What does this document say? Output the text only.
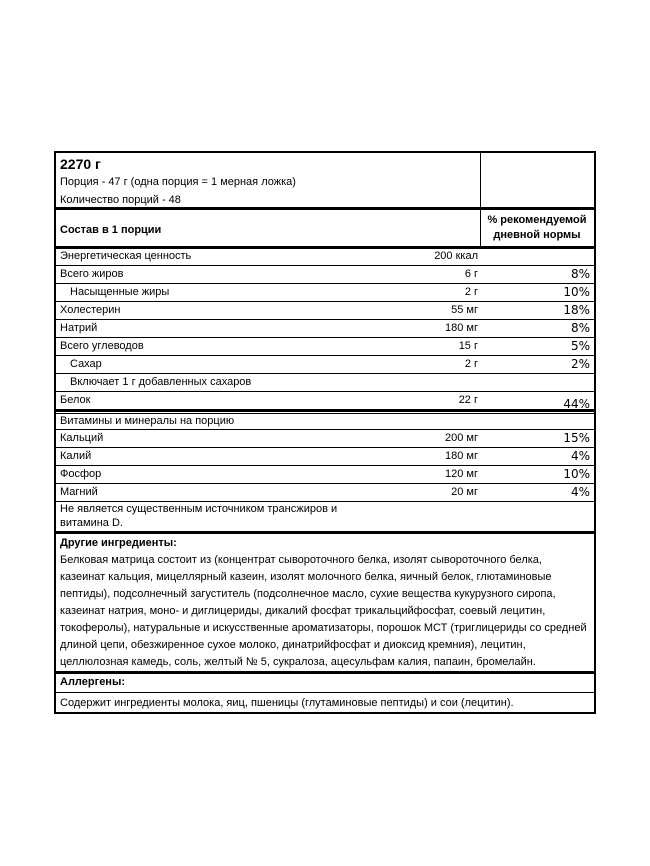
2270 г
Порция - 47 г (одна порция = 1 мерная ложка)
Количество порций - 48
Состав в 1 порции
% рекомендуемой
дневной нормы
Энергетическая ценность	200 ккал
Всего жиров	6 г	8%
Насыщенные жиры	2 г	10%
Холестерин	55 мг	18%
Натрий	180 мг	8%
Всего углеводов	15 г	5%
Сахар	2 г	2%
Включает 1 г добавленных сахаров
Белок	22 г	44%
Витамины и минералы на порцию
Кальций	200 мг	15%
Калий	180 мг	4%
Фосфор	120 мг	10%
Магний	20 мг	4%
Не является существенным источником трансжиров и
витамина D.
Другие ингредиенты:
Белковая матрица состоит из (концентрат сывороточного белка, изолят сывороточного белка, казеинат кальция, мицеллярный казеин, изолят молочного белка, яичный белок, глютаминовые пептиды), подсолнечный загуститель (подсолнечное масло, сухие вещества кукурузного сиропа, казеинат натрия, моно- и диглицериды, дикалий фосфат трикальцийфосфат, соевый лецитин, токоферолы), натуральные и искусственные ароматизаторы, порошок МСТ (триглицериды со средней длиной цепи, обезжиренное сухое молоко, динатрийфосфат и диоксид кремния), лецитин, целлюлозная камедь, соль, желтый № 5, сукралоза, ацесульфам калия, папаин, бромелайн.
Аллергены:
Содержит ингредиенты молока, яиц, пшеницы (глутаминовые пептиды) и сои (лецитин).
